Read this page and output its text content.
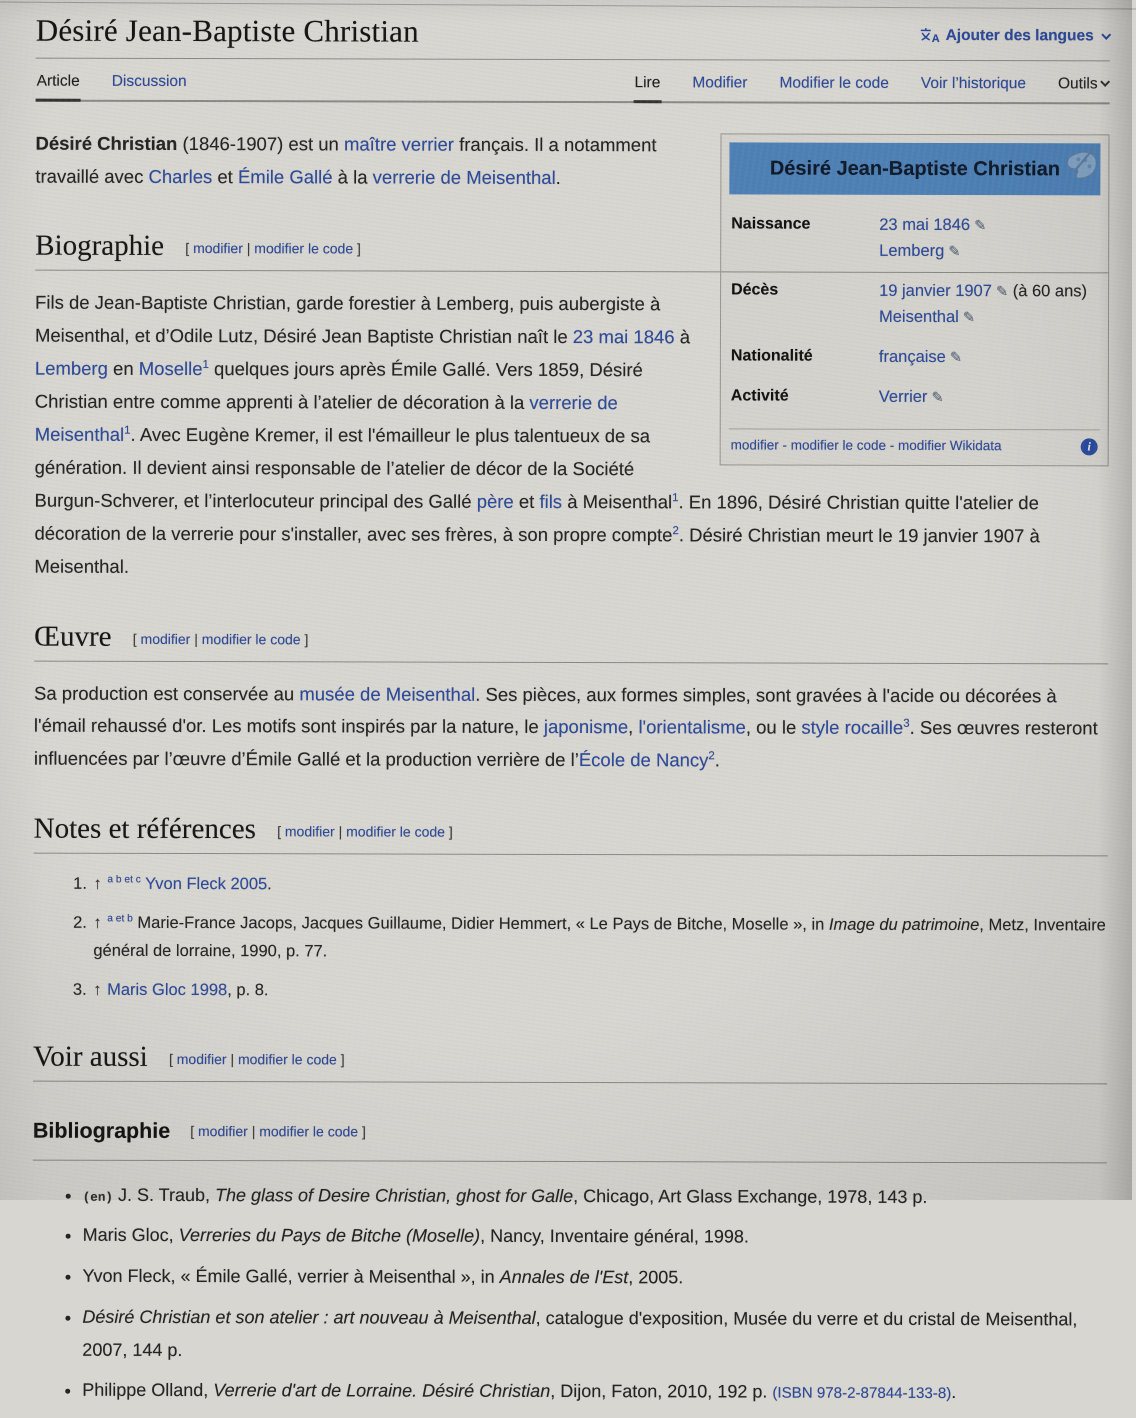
Désiré Jean-Baptiste Christian	A Ajouter des langues
Article Discussion	Lire Modifier Modifier le code Voir l’historique Outils
Désiré Jean-Baptiste Christian
Naissance	23 mai 1846 ✎
Lemberg ✎
Décès	19 janvier 1907 ✎ (à 60 ans)
Meisenthal ✎
Nationalité	française ✎
Activité	Verrier ✎
modifier - modifier le code - modifier Wikidata	i

Désiré Christian (1846-1907) est un maître verrier français. Il a notamment travaillé avec Charles et Émile Gallé à la verrerie de Meisenthal.

Biographie [ modifier | modifier le code ]

Fils de Jean-Baptiste Christian, garde forestier à Lemberg, puis aubergiste à Meisenthal, et d’Odile Lutz, Désiré Jean Baptiste Christian naît le 23 mai 1846 à Lemberg en Moselle$^1$ quelques jours après Émile Gallé. Vers 1859, Désiré Christian entre comme apprenti à l’atelier de décoration à la verrerie de Meisenthal$^1$. Avec Eugène Kremer, il est l'émailleur le plus talentueux de sa génération. Il devient ainsi responsable de l’atelier de décor de la Société Burgun-Schverer, et l’interlocuteur principal des Gallé père et fils à Meisenthal$^1$. En 1896, Désiré Christian quitte l'atelier de décoration de la verrerie pour s'installer, avec ses frères, à son propre compte$^2$. Désiré Christian meurt le 19 janvier 1907 à Meisenthal.

Œuvre [ modifier | modifier le code ]

Sa production est conservée au musée de Meisenthal. Ses pièces, aux formes simples, sont gravées à l'acide ou décorées à l'émail rehaussé d'or. Les motifs sont inspirés par la nature, le japonisme, l'orientalisme, ou le style rocaille$^3$. Ses œuvres resteront influencées par l’œuvre d’Émile Gallé et la production verrière de l’École de Nancy$^2$.

Notes et références [ modifier | modifier le code ]
1. ↑ $^{a b et c}$ Yvon Fleck 2005.
2. ↑ $^{a et b}$ Marie-France Jacops, Jacques Guillaume, Didier Hemmert, « Le Pays de Bitche, Moselle », in Image du patrimoine, Metz, Inventaire général de lorraine, 1990, p. 77.
3. ↑ Maris Gloc 1998, p. 8.
Voir aussi [ modifier | modifier le code ]
Bibliographie [ modifier | modifier le code ]
• (en) J. S. Traub, The glass of Desire Christian, ghost for Galle, Chicago, Art Glass Exchange, 1978, 143 p.
• Maris Gloc, Verreries du Pays de Bitche (Moselle), Nancy, Inventaire général, 1998.
• Yvon Fleck, « Émile Gallé, verrier à Meisenthal », in Annales de l'Est, 2005.
• Désiré Christian et son atelier : art nouveau à Meisenthal, catalogue d'exposition, Musée du verre et du cristal de Meisenthal, 2007, 144 p.
• Philippe Olland, Verrerie d'art de Lorraine. Désiré Christian, Dijon, Faton, 2010, 192 p. (ISBN 978-2-87844-133-8).
